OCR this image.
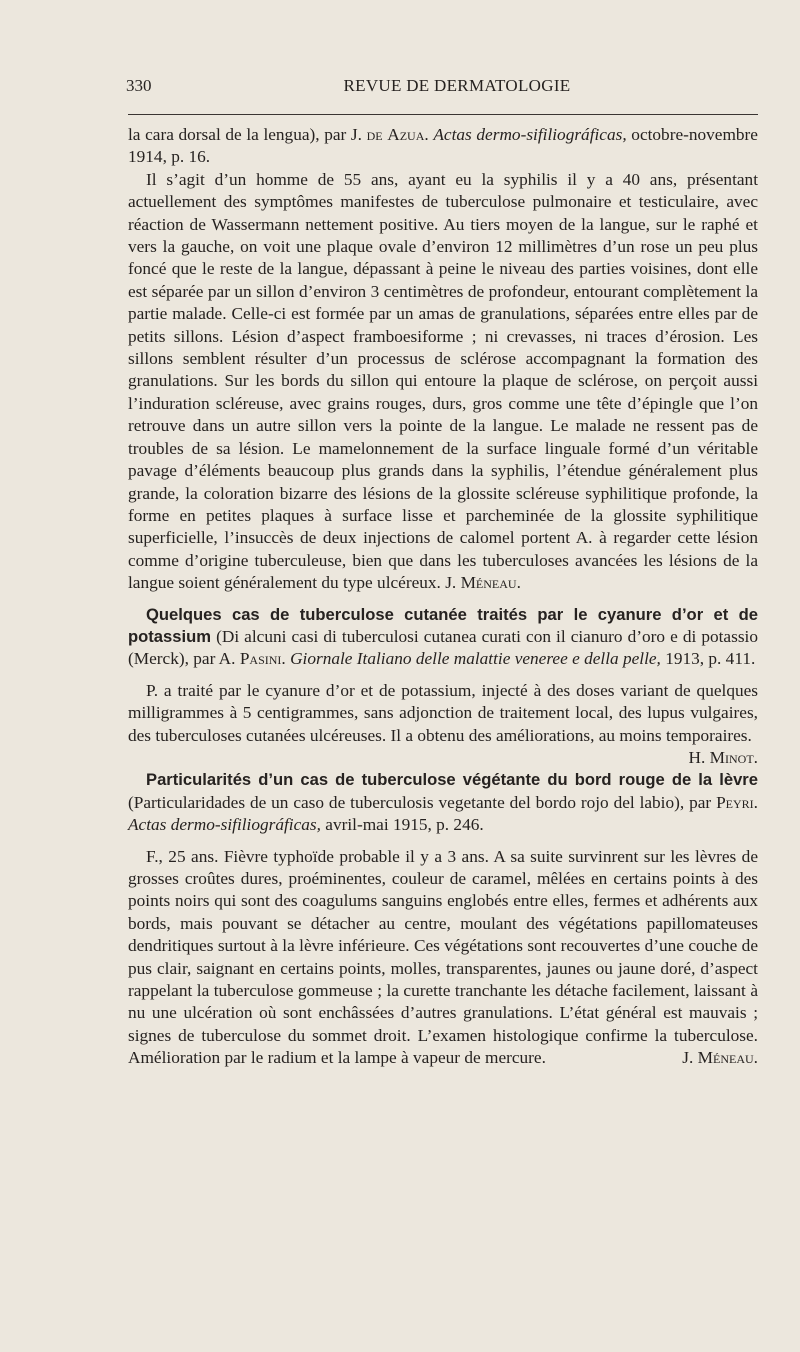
330	REVUE DE DERMATOLOGIE

la cara dorsal de la lengua), par J. de Azua. Actas dermo-sifiliográficas, octobre-novembre 1914, p. 16.

Il s’agit d’un homme de 55 ans, ayant eu la syphilis il y a 40 ans, présentant actuellement des symptômes manifestes de tuberculose pulmonaire et testiculaire, avec réaction de Wassermann nettement positive. Au tiers moyen de la langue, sur le raphé et vers la gauche, on voit une plaque ovale d’environ 12 millimètres d’un rose un peu plus foncé que le reste de la langue, dépassant à peine le niveau des parties voisines, dont elle est séparée par un sillon d’environ 3 centimètres de profondeur, entourant complètement la partie malade. Celle-ci est formée par un amas de granulations, séparées entre elles par de petits sillons. Lésion d’aspect framboesiforme ; ni crevasses, ni traces d’érosion. Les sillons semblent résulter d’un processus de sclérose accompagnant la formation des granulations. Sur les bords du sillon qui entoure la plaque de sclérose, on perçoit aussi l’induration scléreuse, avec grains rouges, durs, gros comme une tête d’épingle que l’on retrouve dans un autre sillon vers la pointe de la langue. Le malade ne ressent pas de troubles de sa lésion. Le mamelonnement de la surface linguale formé d’un véritable pavage d’éléments beaucoup plus grands dans la syphilis, l’étendue généralement plus grande, la coloration bizarre des lésions de la glossite scléreuse syphilitique profonde, la forme en petites plaques à surface lisse et parcheminée de la glossite syphilitique superficielle, l’insuccès de deux injections de calomel portent A. à regarder cette lésion comme d’origine tuberculeuse, bien que dans les tuberculoses avancées les lésions de la langue soient généralement du type ulcéreux. J. Méneau.

Quelques cas de tuberculose cutanée traités par le cyanure d’or et de potassium (Di alcuni casi di tuberculosi cutanea curati con il cianuro d’oro e di potassio (Merck), par A. Pasini. Giornale Italiano delle malattie veneree e della pelle, 1913, p. 411.

P. a traité par le cyanure d’or et de potassium, injecté à des doses variant de quelques milligrammes à 5 centigrammes, sans adjonction de traitement local, des lupus vulgaires, des tuberculoses cutanées ulcéreuses. Il a obtenu des améliorations, au moins temporaires.
H. Minot.

Particularités d’un cas de tuberculose végétante du bord rouge de la lèvre (Particularidades de un caso de tuberculosis vegetante del bordo rojo del labio), par Peyri. Actas dermo-sifiliográficas, avril-mai 1915, p. 246.

F., 25 ans. Fièvre typhoïde probable il y a 3 ans. A sa suite survinrent sur les lèvres de grosses croûtes dures, proéminentes, couleur de caramel, mêlées en certains points à des points noirs qui sont des coagulums sanguins englobés entre elles, fermes et adhérents aux bords, mais pouvant se détacher au centre, moulant des végétations papillomateuses dendritiques surtout à la lèvre inférieure. Ces végétations sont recouvertes d’une couche de pus clair, saignant en certains points, molles, transparentes, jaunes ou jaune doré, d’aspect rappelant la tuberculose gommeuse ; la curette tranchante les détache facilement, laissant à nu une ulcération où sont enchâssées d’autres granulations. L’état général est mauvais ; signes de tuberculose du sommet droit. L’examen histologique confirme la tuberculose. Amélioration par le radium et la lampe à vapeur de mercure.	J. Méneau.
